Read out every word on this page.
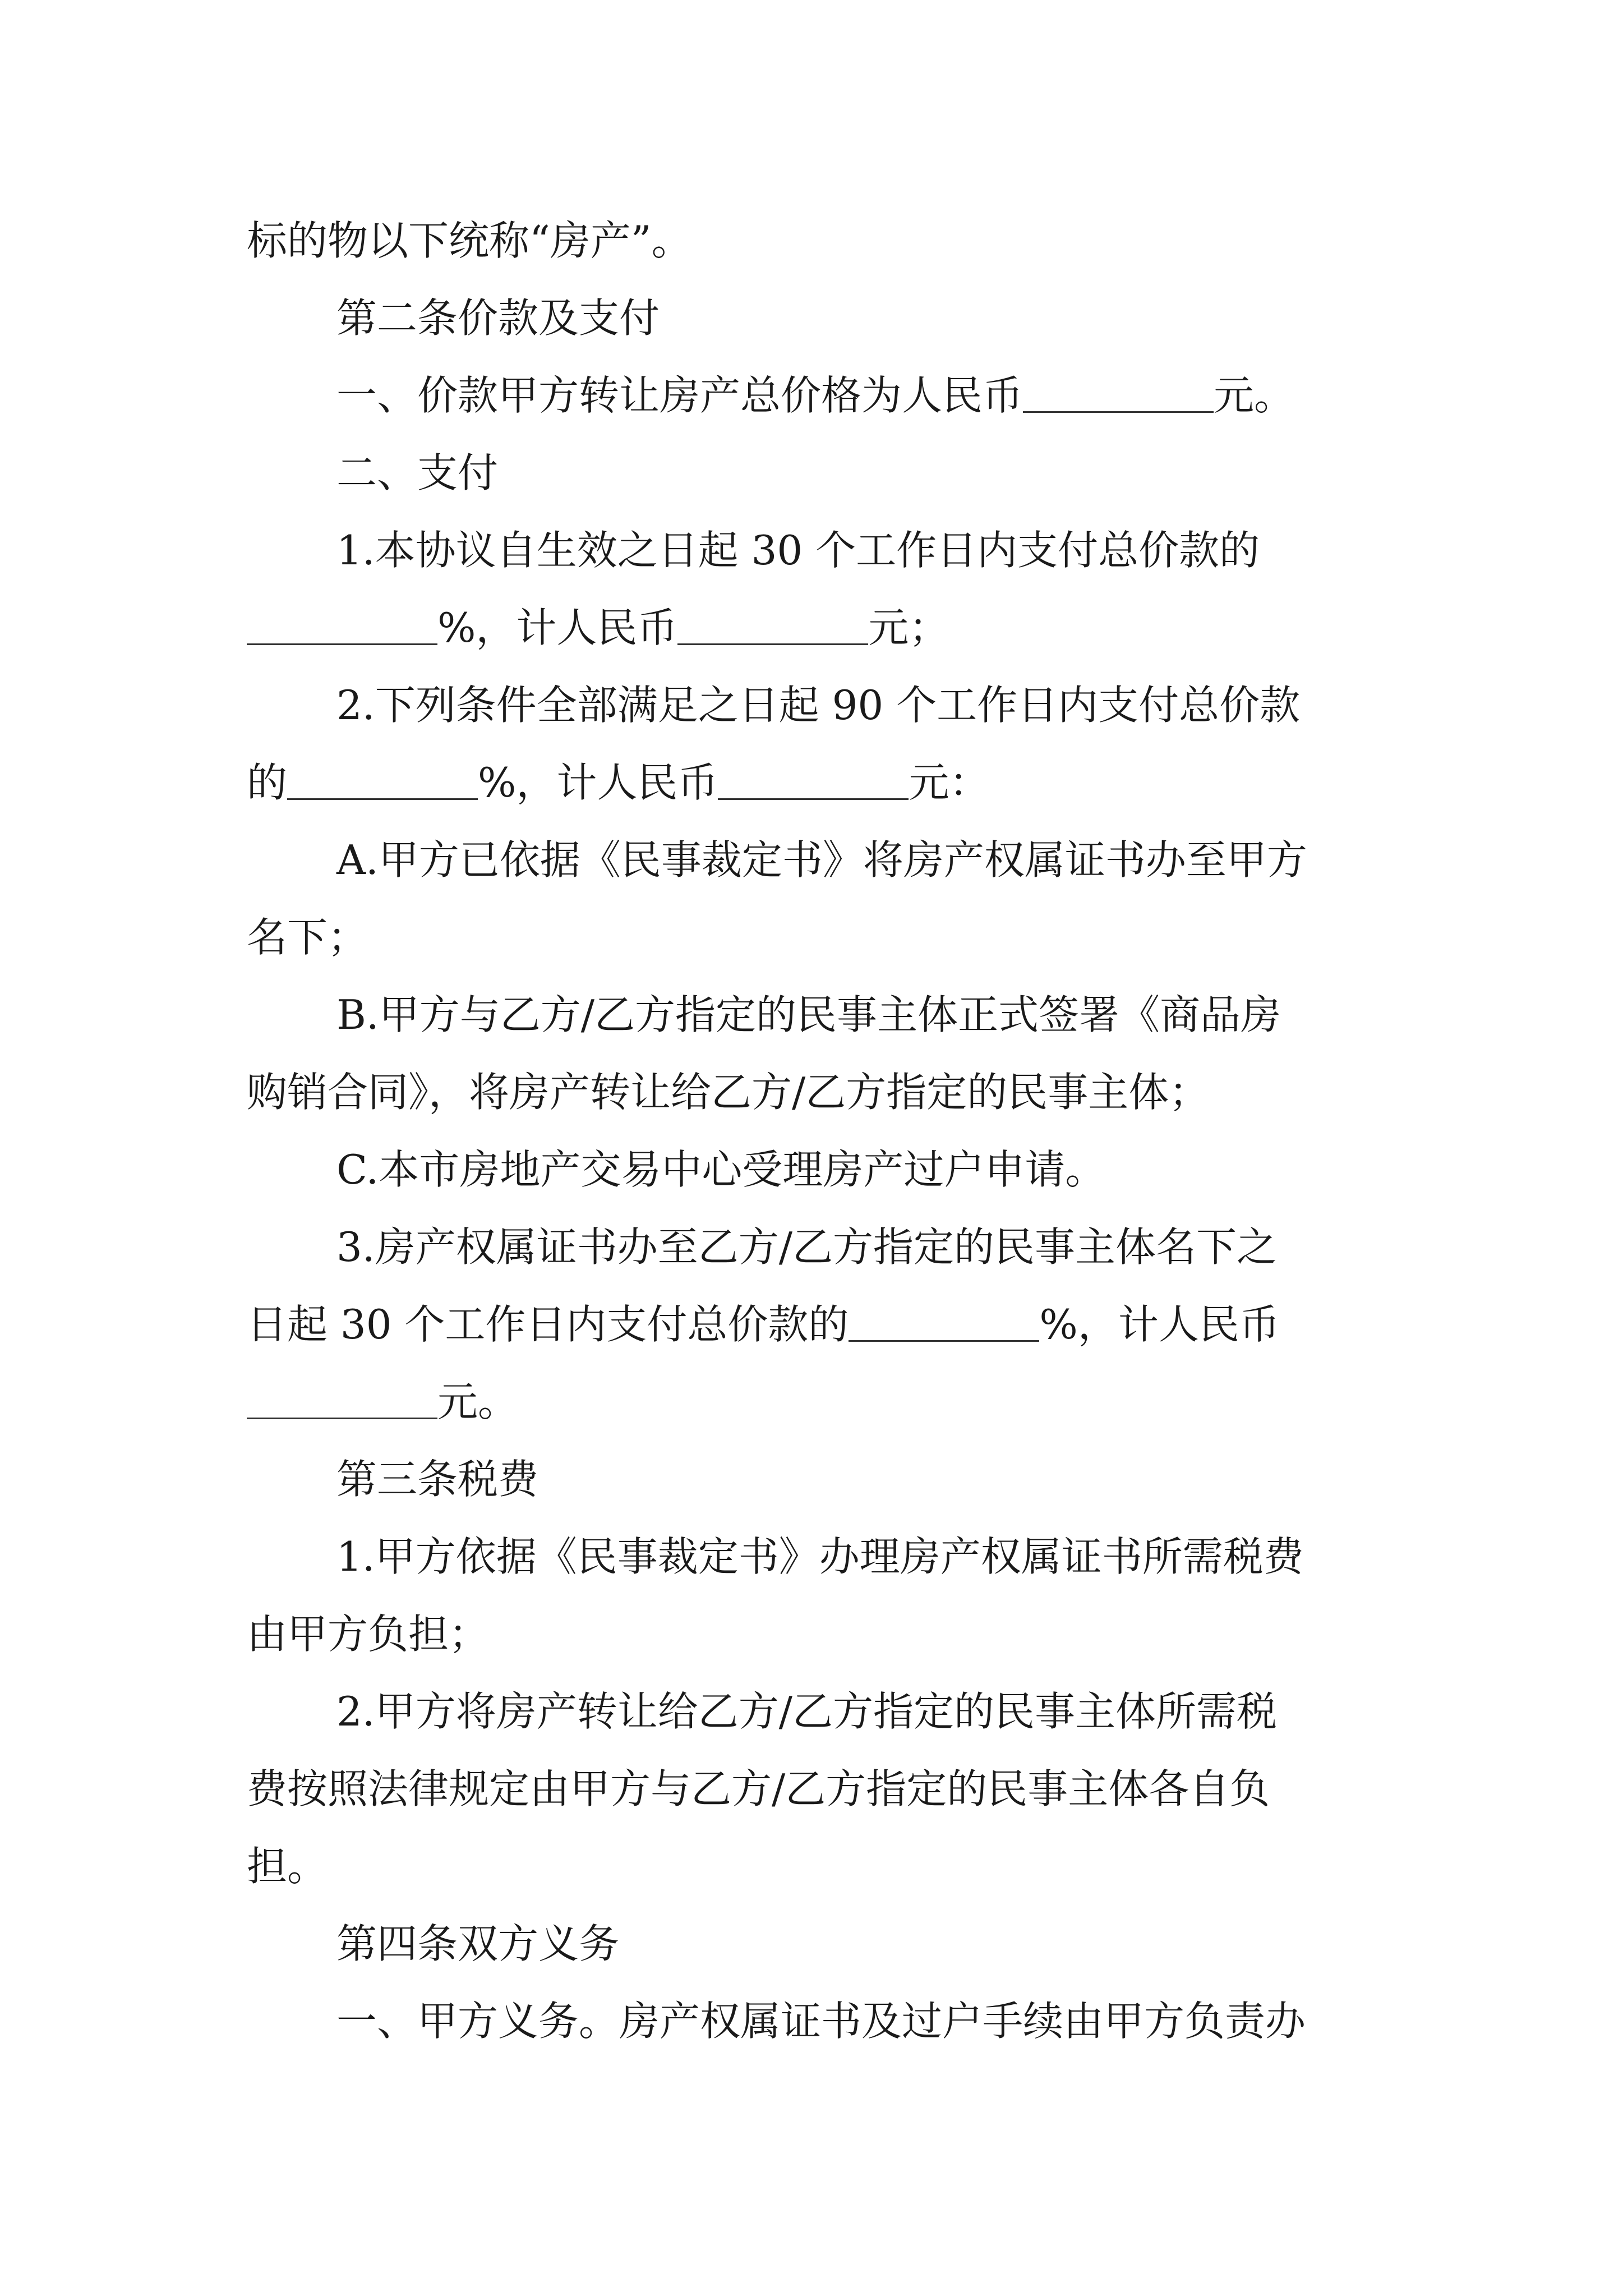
标的物以下统称“房产”。
第二条价款及支付
一、价款甲方转让房产总价格为人民币	元。
二、支付
1.本协议自生效之日起 30 个工作日内支付总价款的
%，计人民币	元；
2.下列条件全部满足之日起 90 个工作日内支付总价款
的	%，计人民币	元：
A.甲方已依据《民事裁定书》将房产权属证书办至甲方
名下；
B.甲方与乙方/乙方指定的民事主体正式签署《商品房
购销合同》，将房产转让给乙方/乙方指定的民事主体；
C.本市房地产交易中心受理房产过户申请。
3.房产权属证书办至乙方/乙方指定的民事主体名下之
日起 30 个工作日内支付总价款的	%，计人民币
元。
第三条税费
1.甲方依据《民事裁定书》办理房产权属证书所需税费
由甲方负担；
2.甲方将房产转让给乙方/乙方指定的民事主体所需税
费按照法律规定由甲方与乙方/乙方指定的民事主体各自负
担。
第四条双方义务
一、甲方义务。房产权属证书及过户手续由甲方负责办
